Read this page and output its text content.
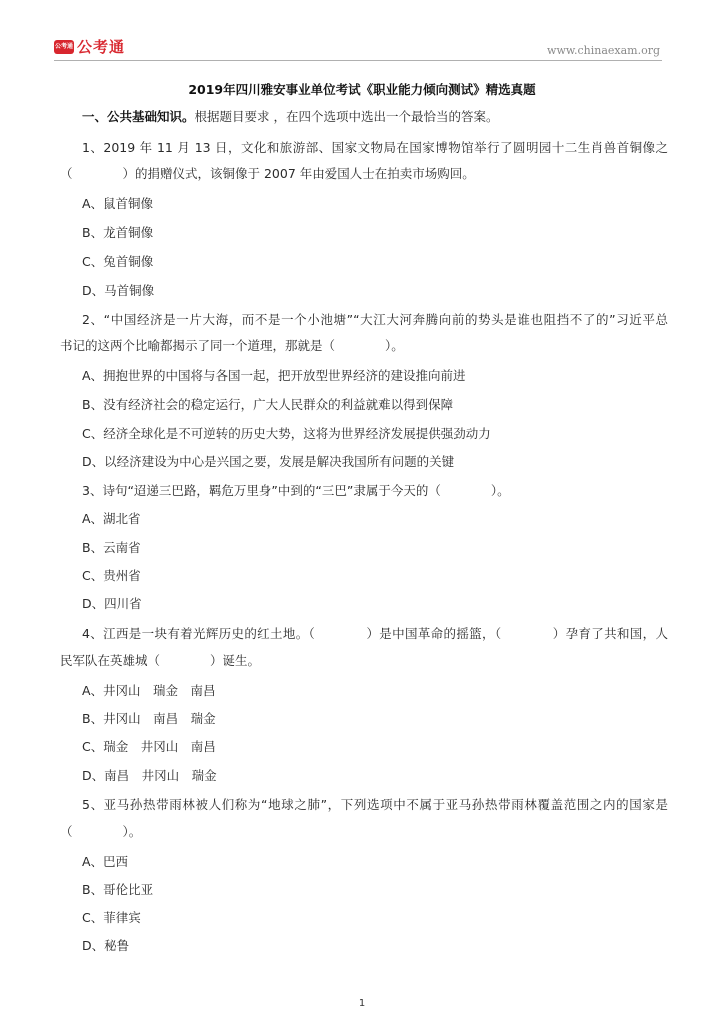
公考通 公考通	www.chinaexam.org
2019年四川雅安事业单位考试《职业能力倾向测试》精选真题
一、公共基础知识。根据题目要求 ，在四个选项中选出一个最恰当的答案。
1、2019 年 11 月 13 日，文化和旅游部、国家文物局在国家博物馆举行了圆明园十二生肖兽首铜像之
（　　　　）的捐赠仪式，该铜像于 2007 年由爱国人士在拍卖市场购回。
A、鼠首铜像
B、龙首铜像
C、兔首铜像
D、马首铜像
2、“中国经济是一片大海，而不是一个小池塘”“大江大河奔腾向前的势头是谁也阻挡不了的”习近平总
书记的这两个比喻都揭示了同一个道理，那就是（　　　　）。
A、拥抱世界的中国将与各国一起，把开放型世界经济的建设推向前进
B、没有经济社会的稳定运行，广大人民群众的利益就难以得到保障
C、经济全球化是不可逆转的历史大势，这将为世界经济发展提供强劲动力
D、以经济建设为中心是兴国之要，发展是解决我国所有问题的关键
3、诗句“迢递三巴路，羁危万里身”中到的“三巴”隶属于今天的（　　　　）。
A、湖北省
B、云南省
C、贵州省
D、四川省
4、江西是一块有着光辉历史的红土地。（　　　　）是中国革命的摇篮，（　　　　）孕育了共和国，人
民军队在英雄城（　　　　）诞生。
A、井冈山　瑞金　南昌
B、井冈山　南昌　瑞金
C、瑞金　井冈山　南昌
D、南昌　井冈山　瑞金
5、亚马孙热带雨林被人们称为“地球之肺”，下列选项中不属于亚马孙热带雨林覆盖范围之内的国家是
（　　　　）。
A、巴西
B、哥伦比亚
C、菲律宾
D、秘鲁
1
